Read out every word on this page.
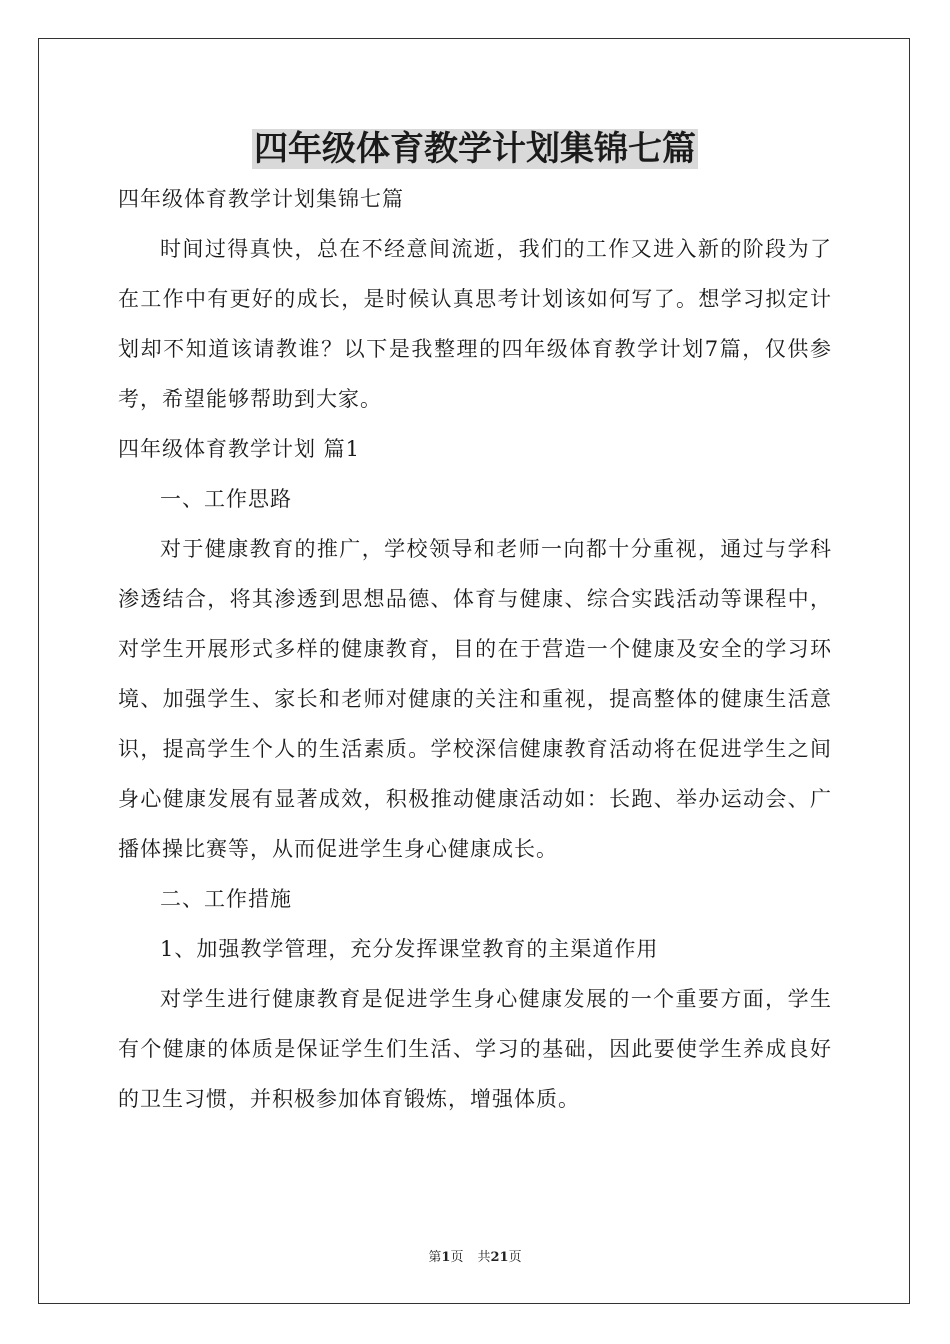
四年级体育教学计划集锦七篇

四年级体育教学计划集锦七篇

时间过得真快，总在不经意间流逝，我们的工作又进入新的阶段为了在工作中有更好的成长，是时候认真思考计划该如何写了。想学习拟定计划却不知道该请教谁？以下是我整理的四年级体育教学计划7篇，仅供参考，希望能够帮助到大家。

四年级体育教学计划 篇1

一、工作思路

对于健康教育的推广，学校领导和老师一向都十分重视，通过与学科渗透结合，将其渗透到思想品德、体育与健康、综合实践活动等课程中，对学生开展形式多样的健康教育，目的在于营造一个健康及安全的学习环境、加强学生、家长和老师对健康的关注和重视，提高整体的健康生活意识，提高学生个人的生活素质。学校深信健康教育活动将在促进学生之间身心健康发展有显著成效，积极推动健康活动如：长跑、举办运动会、广播体操比赛等，从而促进学生身心健康成长。

二、工作措施

1、加强教学管理，充分发挥课堂教育的主渠道作用

对学生进行健康教育是促进学生身心健康发展的一个重要方面，学生有个健康的体质是保证学生们生活、学习的基础，因此要使学生养成良好的卫生习惯，并积极参加体育锻炼，增强体质。

第1页 共21页
